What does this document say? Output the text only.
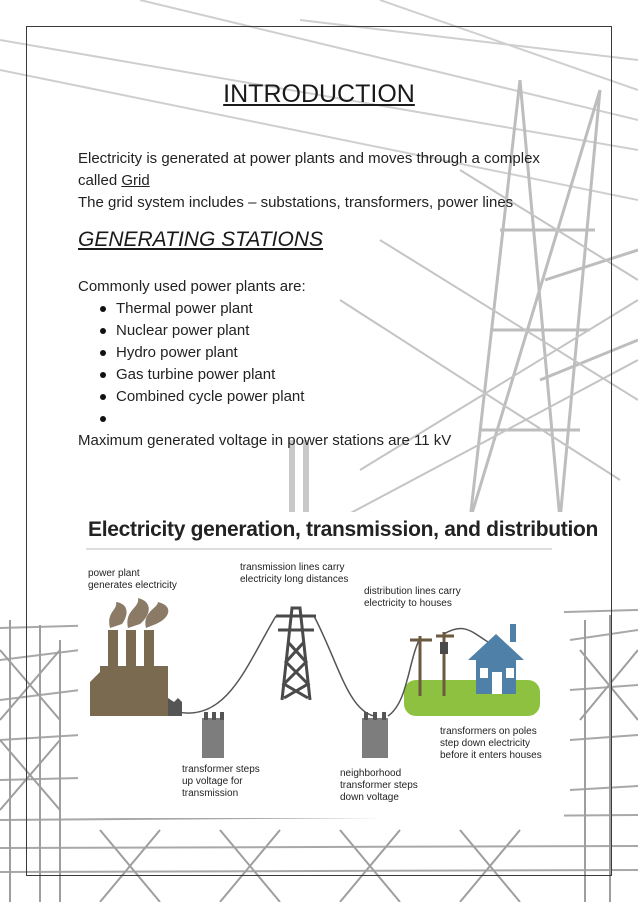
INTRODUCTION

Electricity is generated at power plants and moves through a complex

called Grid

The grid system includes – substations, transformers, power lines

GENERATING STATIONS

Commonly used power plants are:

Thermal power plant
Nuclear power plant
Hydro power plant
Gas turbine power plant
Combined cycle power plant

Maximum generated voltage in power stations are 11 kV

Electricity generation, transmission, and distribution

power plant
generates electricity

transmission lines carry
electricity long distances

distribution lines carry
electricity to houses

transformer steps
up voltage for
transmission

neighborhood
transformer steps
down voltage

transformers on poles
step down electricity
before it enters houses
